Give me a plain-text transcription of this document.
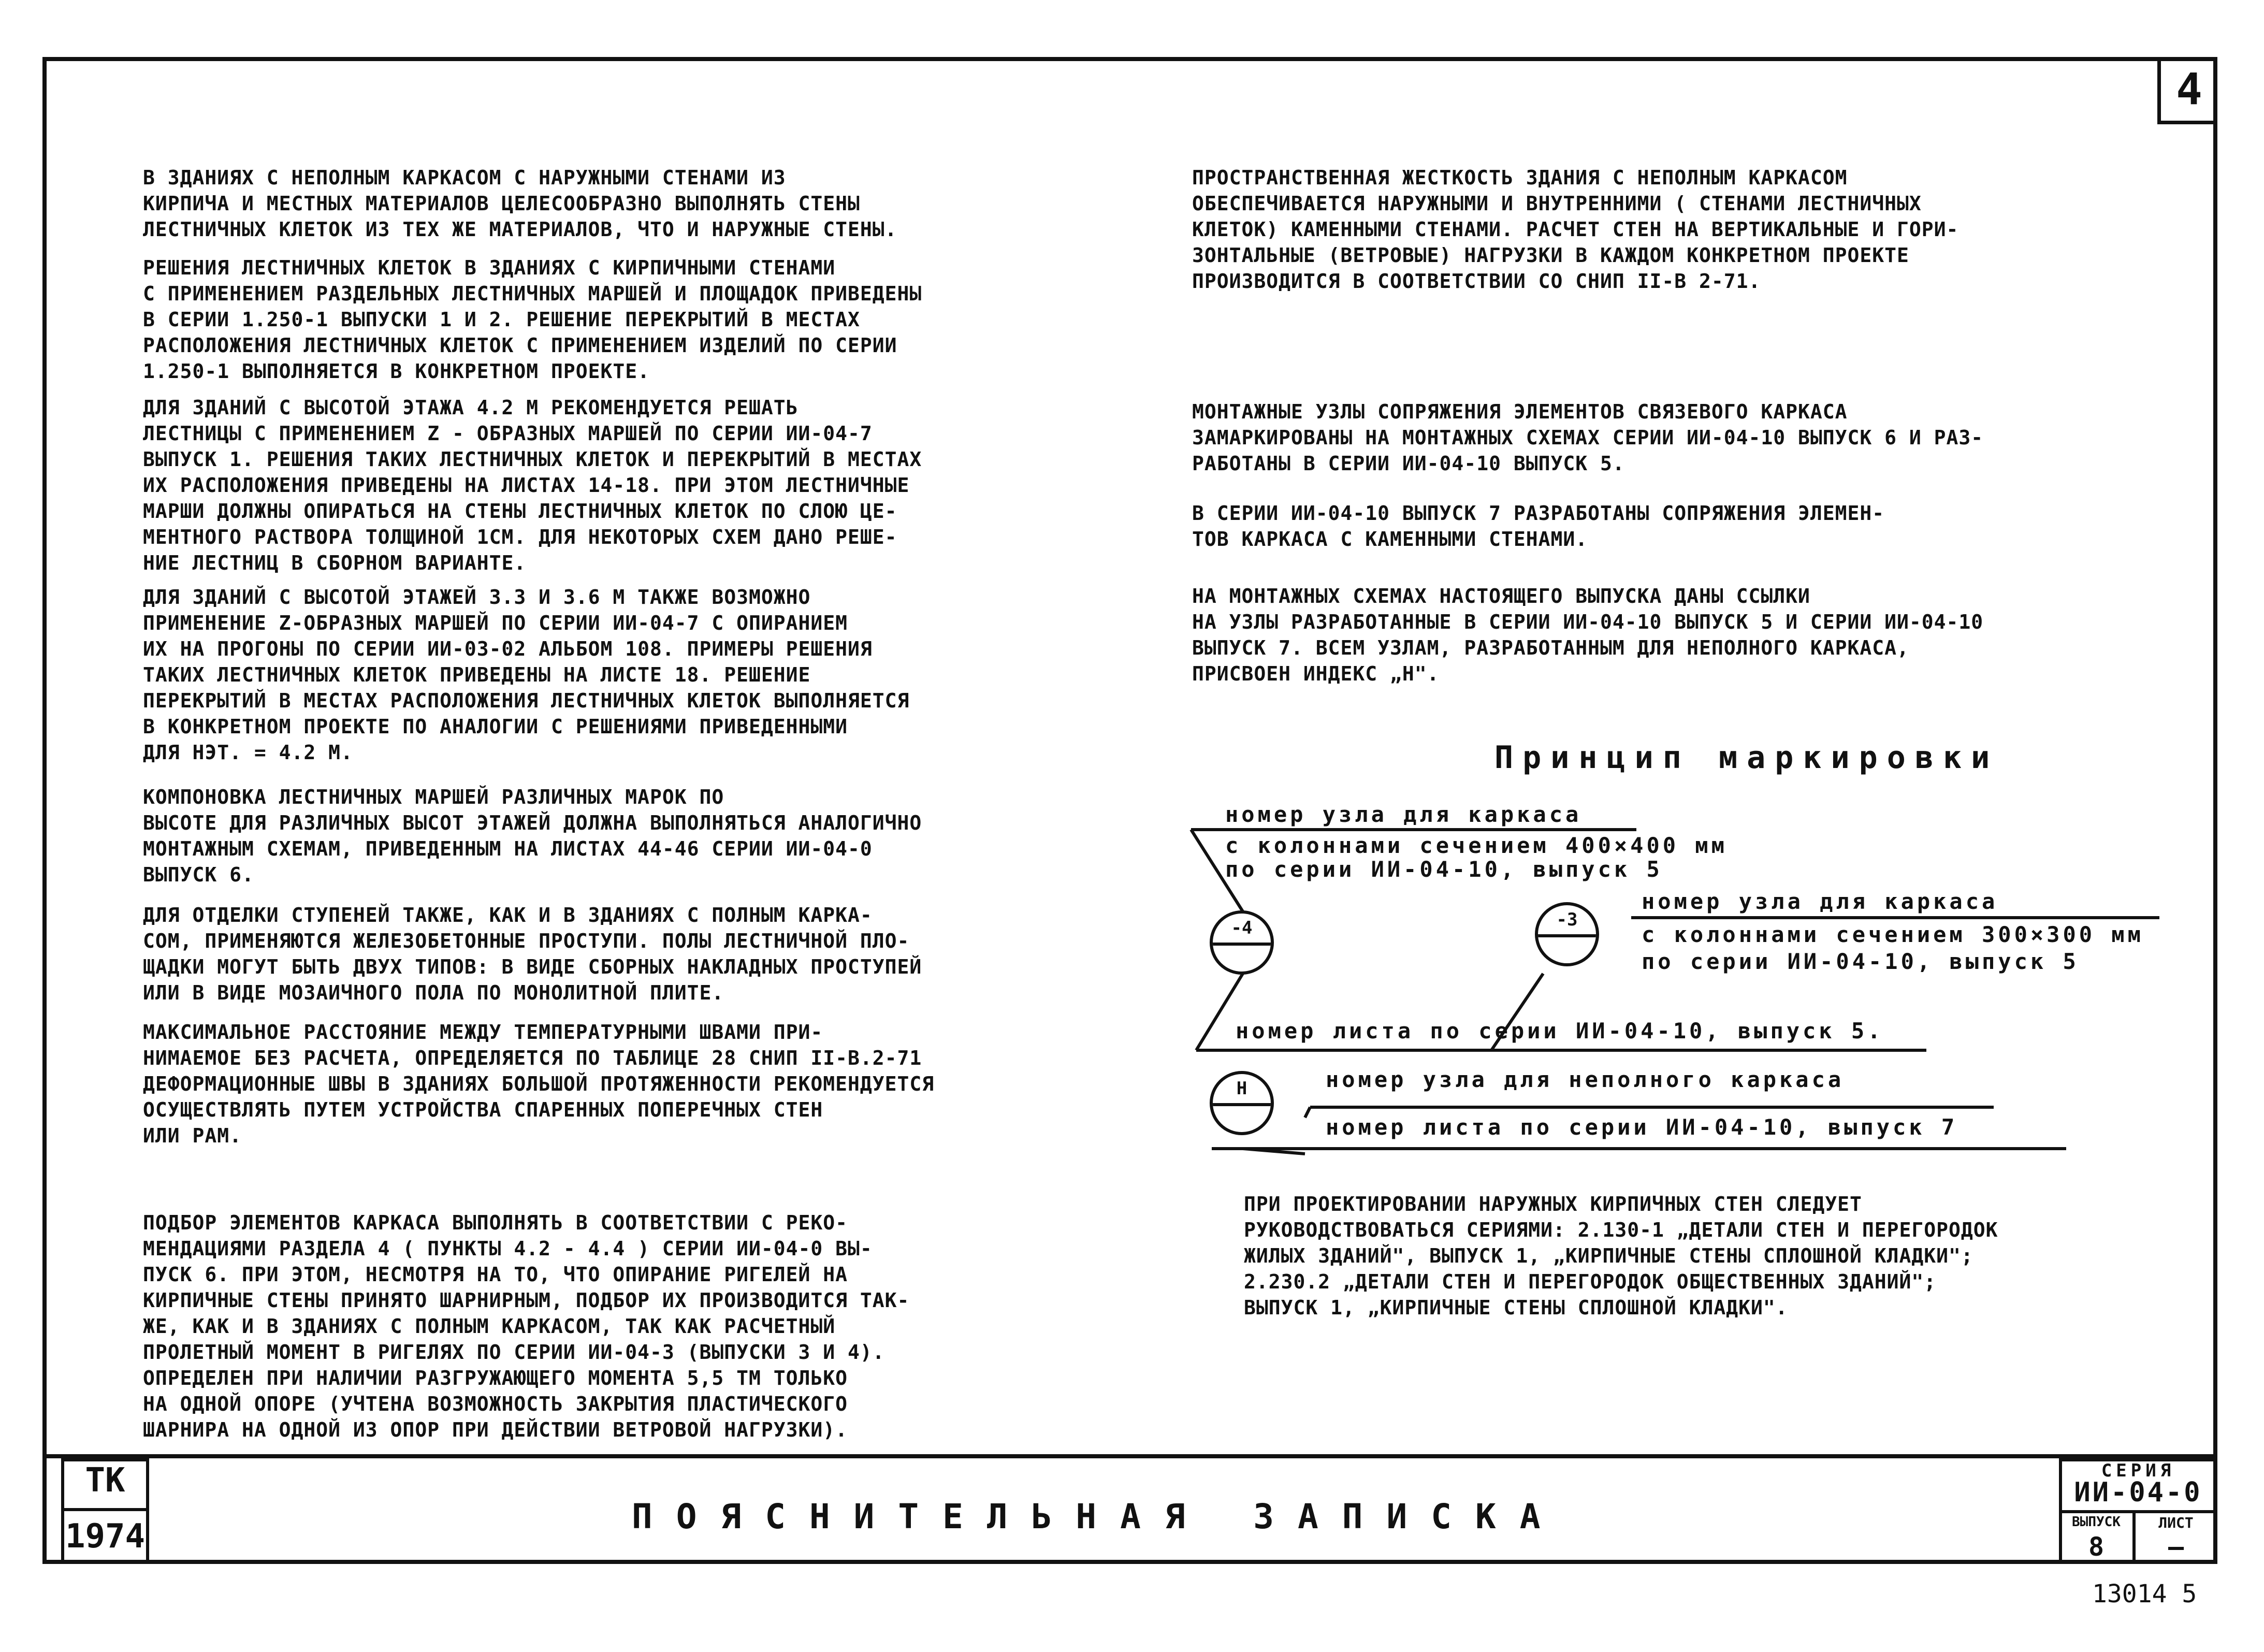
4

В ЗДАНИЯХ С НЕПОЛНЫМ КАРКАСОМ С НАРУЖНЫМИ СТЕНАМИ ИЗ
КИРПИЧА И МЕСТНЫХ МАТЕРИАЛОВ ЦЕЛЕСООБРАЗНО ВЫПОЛНЯТЬ СТЕНЫ
ЛЕСТНИЧНЫХ КЛЕТОК ИЗ ТЕХ ЖЕ МАТЕРИАЛОВ, ЧТО И НАРУЖНЫЕ СТЕНЫ.

РЕШЕНИЯ ЛЕСТНИЧНЫХ КЛЕТОК В ЗДАНИЯХ С КИРПИЧНЫМИ СТЕНАМИ
С ПРИМЕНЕНИЕМ РАЗДЕЛЬНЫХ ЛЕСТНИЧНЫХ МАРШЕЙ И ПЛОЩАДОК ПРИВЕДЕНЫ
В СЕРИИ 1.250-1 ВЫПУСКИ 1 И 2. РЕШЕНИЕ ПЕРЕКРЫТИЙ В МЕСТАХ
РАСПОЛОЖЕНИЯ ЛЕСТНИЧНЫХ КЛЕТОК С ПРИМЕНЕНИЕМ ИЗДЕЛИЙ ПО СЕРИИ
1.250-1 ВЫПОЛНЯЕТСЯ В КОНКРЕТНОМ ПРОЕКТЕ.

ДЛЯ ЗДАНИЙ С ВЫСОТОЙ ЭТАЖА 4.2 М РЕКОМЕНДУЕТСЯ РЕШАТЬ
ЛЕСТНИЦЫ С ПРИМЕНЕНИЕМ Z - ОБРАЗНЫХ МАРШЕЙ ПО СЕРИИ ИИ-04-7
ВЫПУСК 1. РЕШЕНИЯ ТАКИХ ЛЕСТНИЧНЫХ КЛЕТОК И ПЕРЕКРЫТИЙ В МЕСТАХ
ИХ РАСПОЛОЖЕНИЯ ПРИВЕДЕНЫ НА ЛИСТАХ 14-18. ПРИ ЭТОМ ЛЕСТНИЧНЫЕ
МАРШИ ДОЛЖНЫ ОПИРАТЬСЯ НА СТЕНЫ ЛЕСТНИЧНЫХ КЛЕТОК ПО СЛОЮ ЦЕ-
МЕНТНОГО РАСТВОРА ТОЛЩИНОЙ 1СМ. ДЛЯ НЕКОТОРЫХ СХЕМ ДАНО РЕШЕ-
НИЕ ЛЕСТНИЦ В СБОРНОМ ВАРИАНТЕ.

ДЛЯ ЗДАНИЙ С ВЫСОТОЙ ЭТАЖЕЙ 3.3 И 3.6 М ТАКЖЕ ВОЗМОЖНО
ПРИМЕНЕНИЕ Z-ОБРАЗНЫХ МАРШЕЙ ПО СЕРИИ ИИ-04-7 С ОПИРАНИЕМ
ИХ НА ПРОГОНЫ ПО СЕРИИ ИИ-03-02 АЛЬБОМ 108. ПРИМЕРЫ РЕШЕНИЯ
ТАКИХ ЛЕСТНИЧНЫХ КЛЕТОК ПРИВЕДЕНЫ НА ЛИСТЕ 18. РЕШЕНИЕ
ПЕРЕКРЫТИЙ В МЕСТАХ РАСПОЛОЖЕНИЯ ЛЕСТНИЧНЫХ КЛЕТОК ВЫПОЛНЯЕТСЯ
В КОНКРЕТНОМ ПРОЕКТЕ ПО АНАЛОГИИ С РЕШЕНИЯМИ ПРИВЕДЕННЫМИ
ДЛЯ НЭТ. = 4.2 М.

КОМПОНОВКА ЛЕСТНИЧНЫХ МАРШЕЙ РАЗЛИЧНЫХ МАРОК ПО
ВЫСОТЕ ДЛЯ РАЗЛИЧНЫХ ВЫСОТ ЭТАЖЕЙ ДОЛЖНА ВЫПОЛНЯТЬСЯ АНАЛОГИЧНО
МОНТАЖНЫМ СХЕМАМ, ПРИВЕДЕННЫМ НА ЛИСТАХ 44-46 СЕРИИ ИИ-04-0
ВЫПУСК 6.

ДЛЯ ОТДЕЛКИ СТУПЕНЕЙ ТАКЖЕ, КАК И В ЗДАНИЯХ С ПОЛНЫМ КАРКА-
СОМ, ПРИМЕНЯЮТСЯ ЖЕЛЕЗОБЕТОННЫЕ ПРОСТУПИ. ПОЛЫ ЛЕСТНИЧНОЙ ПЛО-
ЩАДКИ МОГУТ БЫТЬ ДВУХ ТИПОВ: В ВИДЕ СБОРНЫХ НАКЛАДНЫХ ПРОСТУПЕЙ
ИЛИ В ВИДЕ МОЗАИЧНОГО ПОЛА ПО МОНОЛИТНОЙ ПЛИТЕ.

МАКСИМАЛЬНОЕ РАССТОЯНИЕ МЕЖДУ ТЕМПЕРАТУРНЫМИ ШВАМИ ПРИ-
НИМАЕМОЕ БЕЗ РАСЧЕТА, ОПРЕДЕЛЯЕТСЯ ПО ТАБЛИЦЕ 28 СНИП II-В.2-71
ДЕФОРМАЦИОННЫЕ ШВЫ В ЗДАНИЯХ БОЛЬШОЙ ПРОТЯЖЕННОСТИ РЕКОМЕНДУЕТСЯ
ОСУЩЕСТВЛЯТЬ ПУТЕМ УСТРОЙСТВА СПАРЕННЫХ ПОПЕРЕЧНЫХ СТЕН
ИЛИ РАМ.

ПОДБОР ЭЛЕМЕНТОВ КАРКАСА ВЫПОЛНЯТЬ В СООТВЕТСТВИИ С РЕКО-
МЕНДАЦИЯМИ РАЗДЕЛА 4 ( ПУНКТЫ 4.2 - 4.4 ) СЕРИИ ИИ-04-0 ВЫ-
ПУСК 6. ПРИ ЭТОМ, НЕСМОТРЯ НА ТО, ЧТО ОПИРАНИЕ РИГЕЛЕЙ НА
КИРПИЧНЫЕ СТЕНЫ ПРИНЯТО ШАРНИРНЫМ, ПОДБОР ИХ ПРОИЗВОДИТСЯ ТАК-
ЖЕ, КАК И В ЗДАНИЯХ С ПОЛНЫМ КАРКАСОМ, ТАК КАК РАСЧЕТНЫЙ
ПРОЛЕТНЫЙ МОМЕНТ В РИГЕЛЯХ ПО СЕРИИ ИИ-04-3 (ВЫПУСКИ 3 И 4).
ОПРЕДЕЛЕН ПРИ НАЛИЧИИ РАЗГРУЖАЮЩЕГО МОМЕНТА 5,5 ТМ ТОЛЬКО
НА ОДНОЙ ОПОРЕ (УЧТЕНА ВОЗМОЖНОСТЬ ЗАКРЫТИЯ ПЛАСТИЧЕСКОГО
ШАРНИРА НА ОДНОЙ ИЗ ОПОР ПРИ ДЕЙСТВИИ ВЕТРОВОЙ НАГРУЗКИ).

ПРОСТРАНСТВЕННАЯ ЖЕСТКОСТЬ ЗДАНИЯ С НЕПОЛНЫМ КАРКАСОМ
ОБЕСПЕЧИВАЕТСЯ НАРУЖНЫМИ И ВНУТРЕННИМИ ( СТЕНАМИ ЛЕСТНИЧНЫХ
КЛЕТОК) КАМЕННЫМИ СТЕНАМИ. РАСЧЕТ СТЕН НА ВЕРТИКАЛЬНЫЕ И ГОРИ-
ЗОНТАЛЬНЫЕ (ВЕТРОВЫЕ) НАГРУЗКИ В КАЖДОМ КОНКРЕТНОМ ПРОЕКТЕ
ПРОИЗВОДИТСЯ В СООТВЕТСТВИИ СО СНИП II-В 2-71.

МОНТАЖНЫЕ УЗЛЫ СОПРЯЖЕНИЯ ЭЛЕМЕНТОВ СВЯЗЕВОГО КАРКАСА
ЗАМАРКИРОВАНЫ НА МОНТАЖНЫХ СХЕМАХ СЕРИИ ИИ-04-10 ВЫПУСК 6 И РАЗ-
РАБОТАНЫ В СЕРИИ ИИ-04-10 ВЫПУСК 5.

В СЕРИИ ИИ-04-10 ВЫПУСК 7 РАЗРАБОТАНЫ СОПРЯЖЕНИЯ ЭЛЕМЕН-
ТОВ КАРКАСА С КАМЕННЫМИ СТЕНАМИ.

НА МОНТАЖНЫХ СХЕМАХ НАСТОЯЩЕГО ВЫПУСКА ДАНЫ ССЫЛКИ
НА УЗЛЫ РАЗРАБОТАННЫЕ В СЕРИИ ИИ-04-10 ВЫПУСК 5 И СЕРИИ ИИ-04-10
ВЫПУСК 7. ВСЕМ УЗЛАМ, РАЗРАБОТАННЫМ ДЛЯ НЕПОЛНОГО КАРКАСА,
ПРИСВОЕН ИНДЕКС „Н".

Принцип маркировки
номер узла для каркаса
с колоннами сечением 400×400 мм
по серии ИИ-04-10, выпуск 5
-4	-3
номер узла для каркаса
с колоннами сечением 300×300 мм
по серии ИИ-04-10, выпуск 5
номер листа по серии ИИ-04-10, выпуск 5.
Н	номер узла для неполного каркаса
номер листа по серии ИИ-04-10, выпуск 7

ПРИ ПРОЕКТИРОВАНИИ НАРУЖНЫХ КИРПИЧНЫХ СТЕН СЛЕДУЕТ
РУКОВОДСТВОВАТЬСЯ СЕРИЯМИ: 2.130-1 „ДЕТАЛИ СТЕН И ПЕРЕГОРОДОК
ЖИЛЫХ ЗДАНИЙ", ВЫПУСК 1, „КИРПИЧНЫЕ СТЕНЫ СПЛОШНОЙ КЛАДКИ";
2.230.2 „ДЕТАЛИ СТЕН И ПЕРЕГОРОДОК ОБЩЕСТВЕННЫХ ЗДАНИЙ";
ВЫПУСК 1, „КИРПИЧНЫЕ СТЕНЫ СПЛОШНОЙ КЛАДКИ".

ТК
1974	ПОЯСНИТЕЛЬНАЯ ЗАПИСКА
СЕРИЯ
ИИ-04-0
ВЫПУСК
8
ЛИСТ
—
13014 5
